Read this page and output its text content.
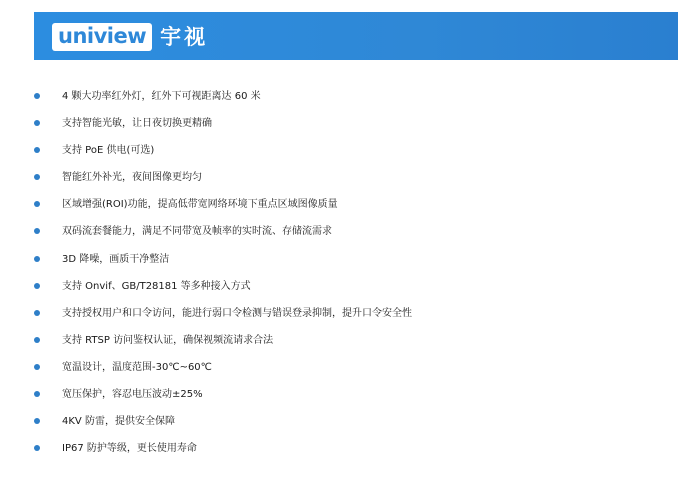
uniview 宇视
4 颗大功率红外灯，红外下可视距离达 60 米
支持智能光敏，让日夜切换更精确
支持 PoE 供电(可选)
智能红外补光，夜间图像更均匀
区域增强(ROI)功能，提高低带宽网络环境下重点区域图像质量
双码流套餐能力，满足不同带宽及帧率的实时流、存储流需求
3D 降噪，画质干净整洁
支持 Onvif、GB/T28181 等多种接入方式
支持授权用户和口令访问，能进行弱口令检测与错误登录抑制，提升口令安全性
支持 RTSP 访问鉴权认证，确保视频流请求合法
宽温设计，温度范围-30℃~60℃
宽压保护，容忍电压波动±25%
4KV 防雷，提供安全保障
IP67 防护等级，更长使用寿命
